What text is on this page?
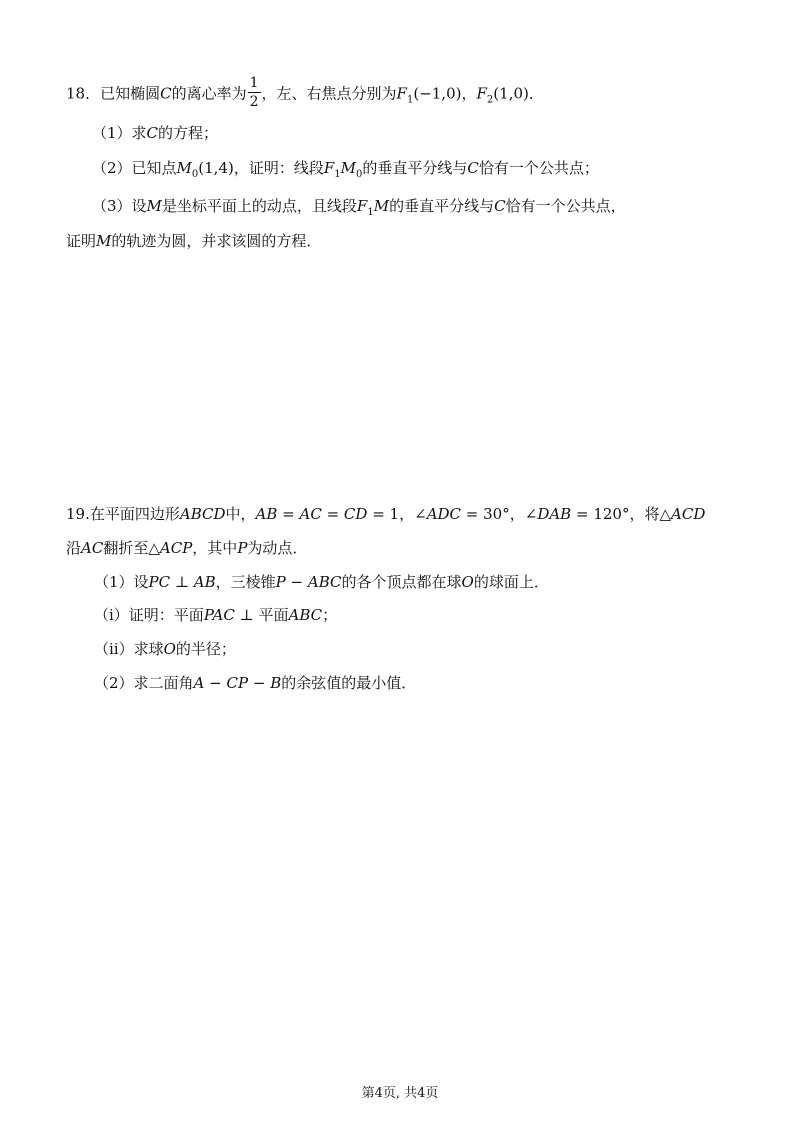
18．已知椭圆C的离心率为 $\frac{1}{2}$ ，左、右焦点分别为$F_1(-1,0)$，$F_2(1,0)$．
（1）求C的方程；
（2）已知点$M_0(1,4)$，证明：线段$F_1M_0$的垂直平分线与C恰有一个公共点；
（3）设M是坐标平面上的动点，且线段$F_1M$的垂直平分线与C恰有一个公共点，
证明M的轨迹为圆，并求该圆的方程．
19.在平面四边形ABCD中，AB = AC = CD = 1，∠ADC = 30°，∠DAB = 120°，将△ACD
沿AC翻折至△ACP，其中P为动点．
（1）设PC ⊥ AB，三棱锥P − ABC的各个顶点都在球O的球面上．
（ⅰ）证明：平面PAC ⊥ 平面ABC；
（ⅱ）求球O的半径；
（2）求二面角A − CP − B的余弦值的最小值．
第4页, 共4页
